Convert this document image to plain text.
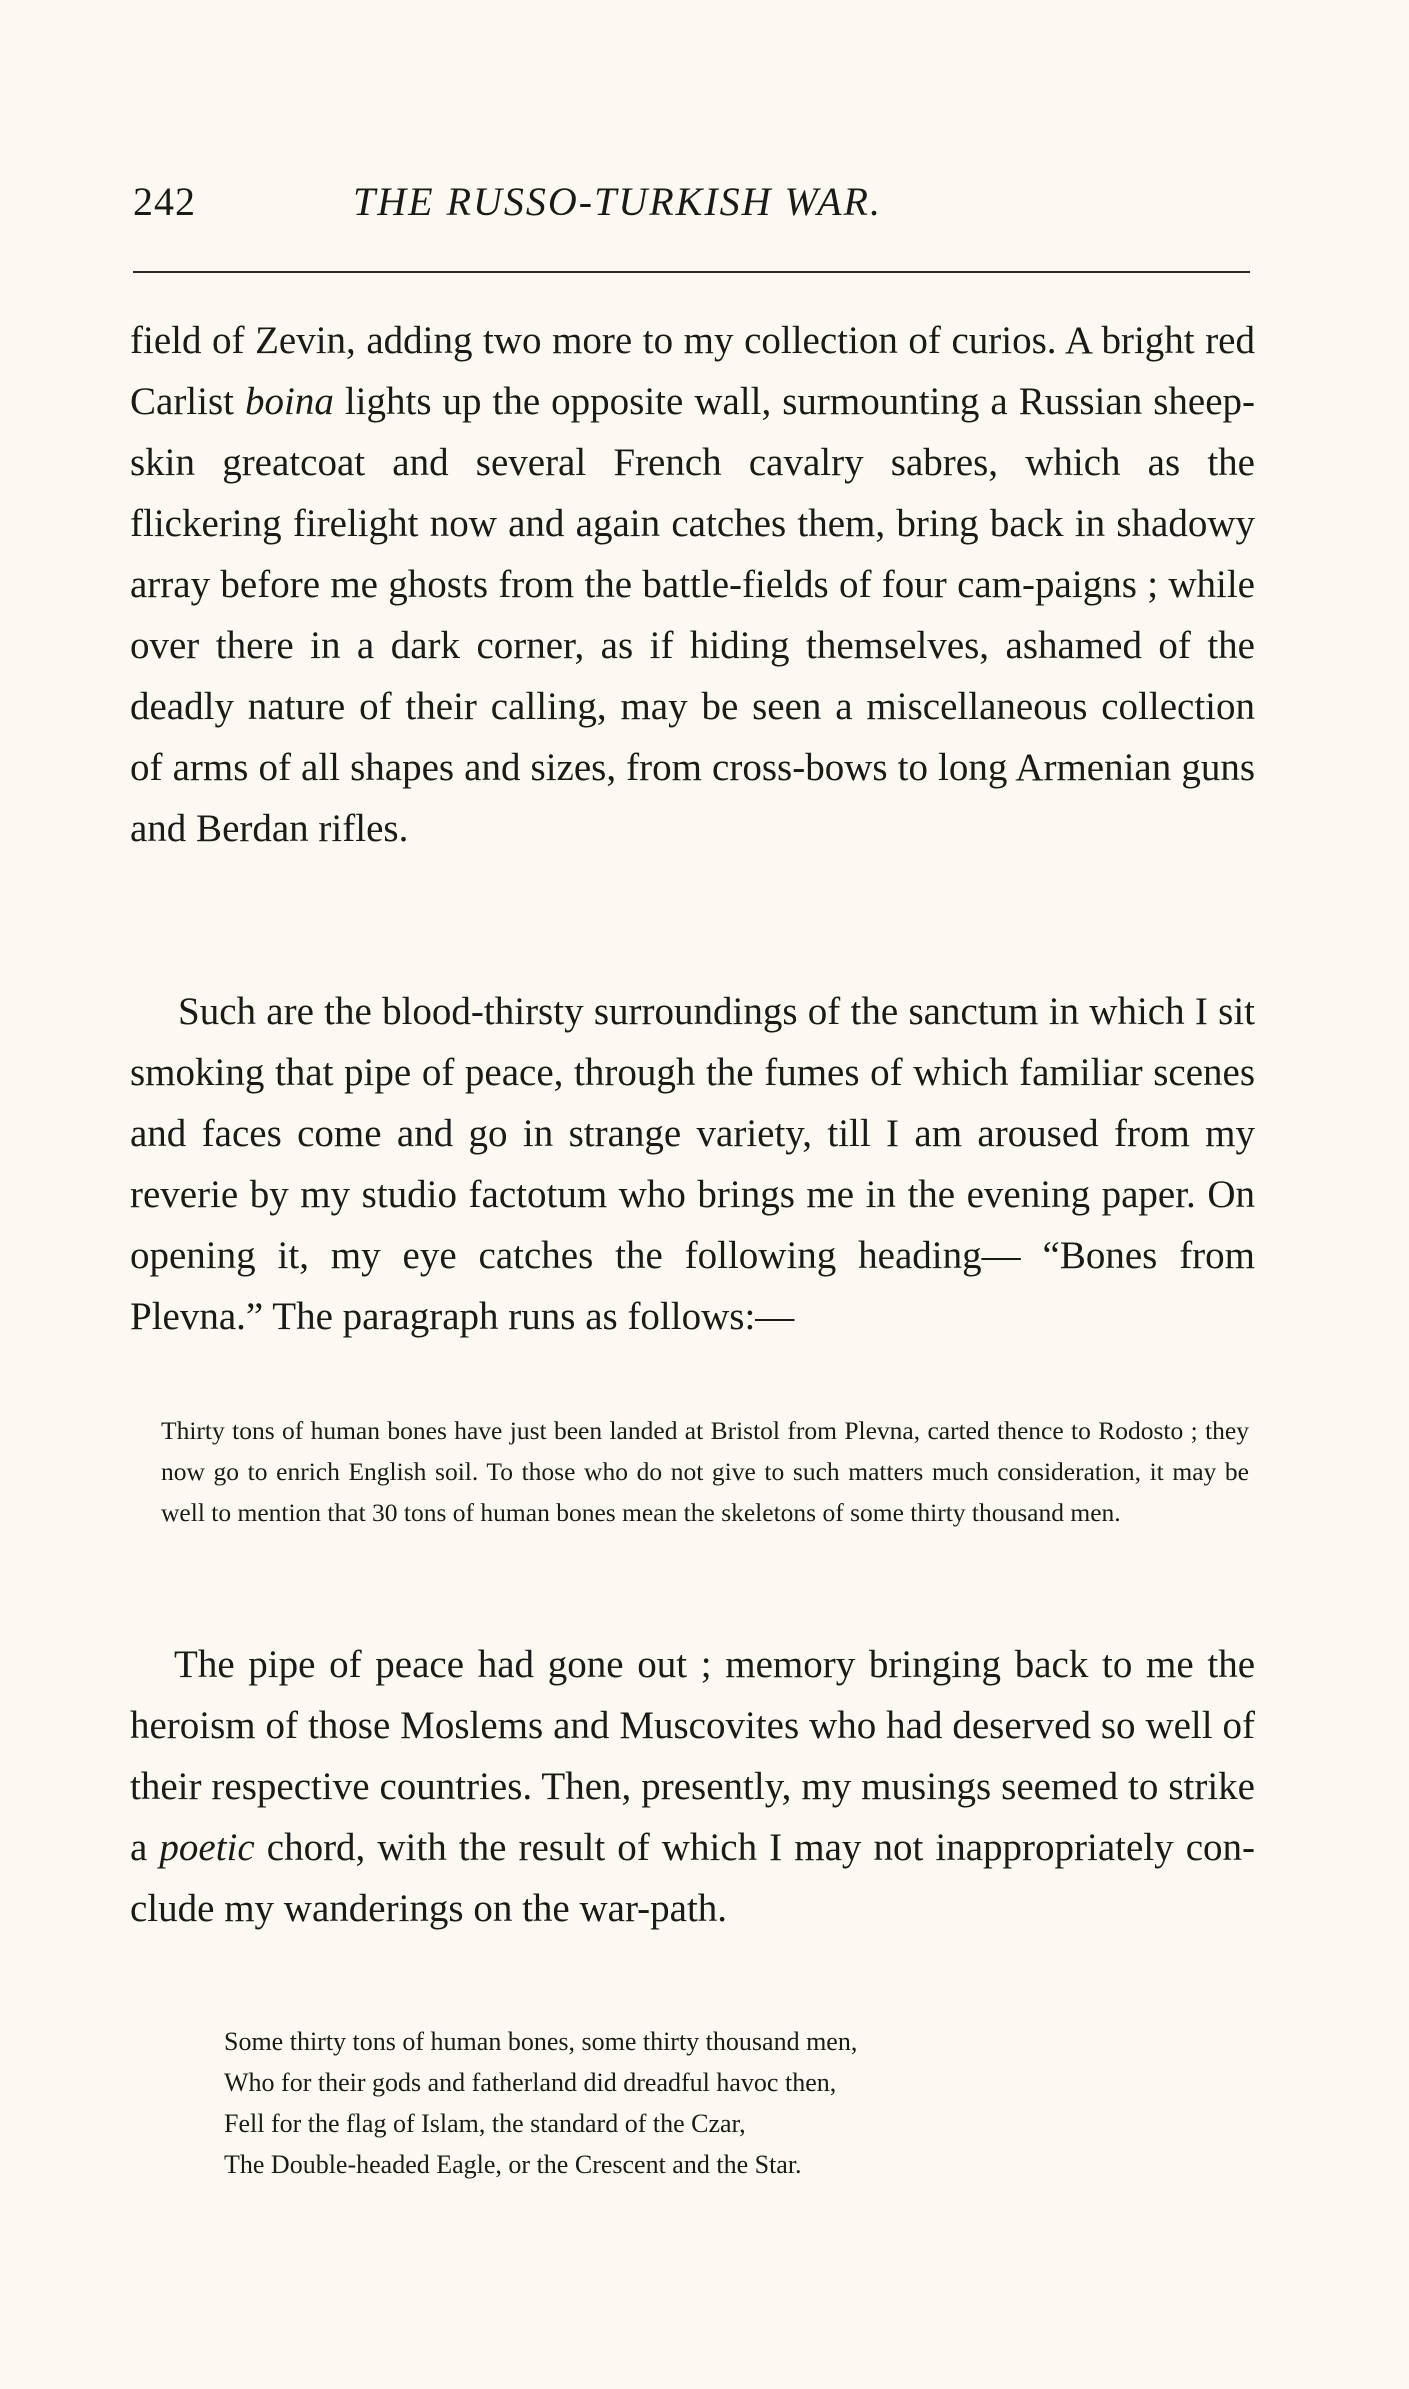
242	THE RUSSO-TURKISH WAR.

field of Zevin, adding two more to my collection of curios. A bright red Carlist boina lights up the opposite wall, surmounting a Russian sheep-skin greatcoat and several French cavalry sabres, which as the flickering firelight now and again catches them, bring back in shadowy array before me ghosts from the battle-fields of four cam-paigns ; while over there in a dark corner, as if hiding themselves, ashamed of the deadly nature of their calling, may be seen a miscellaneous collection of arms of all shapes and sizes, from cross-bows to long Armenian guns and Berdan rifles.

Such are the blood-thirsty surroundings of the sanctum in which I sit smoking that pipe of peace, through the fumes of which familiar scenes and faces come and go in strange variety, till I am aroused from my reverie by my studio factotum who brings me in the evening paper. On opening it, my eye catches the following heading— “Bones from Plevna.” The paragraph runs as follows:—

Thirty tons of human bones have just been landed at Bristol from Plevna, carted thence to Rodosto ; they now go to enrich English soil. To those who do not give to such matters much consideration, it may be well to mention that 30 tons of human bones mean the skeletons of some thirty thousand men.

The pipe of peace had gone out ; memory bringing back to me the heroism of those Moslems and Muscovites who had deserved so well of their respective countries. Then, presently, my musings seemed to strike a poetic chord, with the result of which I may not inappropriately con-clude my wanderings on the war-path.

Some thirty tons of human bones, some thirty thousand men,
Who for their gods and fatherland did dreadful havoc then,
Fell for the flag of Islam, the standard of the Czar,
The Double-headed Eagle, or the Crescent and the Star.
